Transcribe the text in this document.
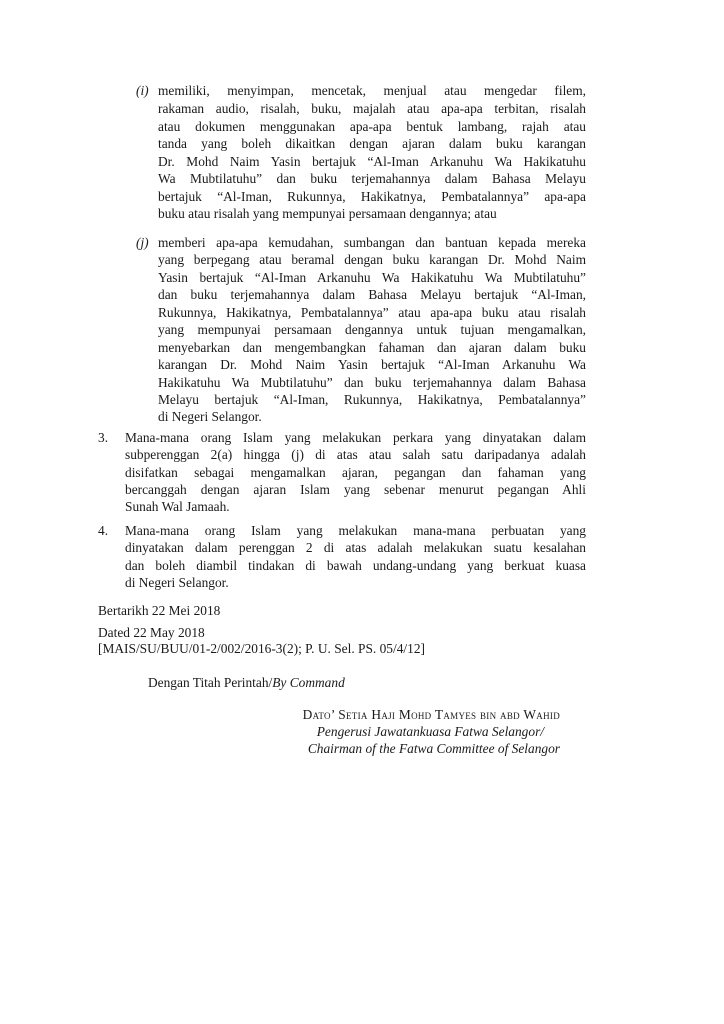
(i) memiliki, menyimpan, mencetak, menjual atau mengedar filem,
rakaman audio, risalah, buku, majalah atau apa-apa terbitan, risalah
atau dokumen menggunakan apa-apa bentuk lambang, rajah atau
tanda yang boleh dikaitkan dengan ajaran dalam buku karangan
Dr. Mohd Naim Yasin bertajuk “Al-Iman Arkanuhu Wa Hakikatuhu
Wa Mubtilatuhu” dan buku terjemahannya dalam Bahasa Melayu
bertajuk “Al-Iman, Rukunnya, Hakikatnya, Pembatalannya” apa-apa
buku atau risalah yang mempunyai persamaan dengannya; atau
(j) memberi apa-apa kemudahan, sumbangan dan bantuan kepada mereka
yang berpegang atau beramal dengan buku karangan Dr. Mohd Naim
Yasin bertajuk “Al-Iman Arkanuhu Wa Hakikatuhu Wa Mubtilatuhu”
dan buku terjemahannya dalam Bahasa Melayu bertajuk “Al-Iman,
Rukunnya, Hakikatnya, Pembatalannya” atau apa-apa buku atau risalah
yang mempunyai persamaan dengannya untuk tujuan mengamalkan,
menyebarkan dan mengembangkan fahaman dan ajaran dalam buku
karangan Dr. Mohd Naim Yasin bertajuk “Al-Iman Arkanuhu Wa
Hakikatuhu Wa Mubtilatuhu” dan buku terjemahannya dalam Bahasa
Melayu bertajuk “Al-Iman, Rukunnya, Hakikatnya, Pembatalannya”
di Negeri Selangor.
3. Mana-mana orang Islam yang melakukan perkara yang dinyatakan dalam
subperenggan 2(a) hingga (j) di atas atau salah satu daripadanya adalah
disifatkan sebagai mengamalkan ajaran, pegangan dan fahaman yang
bercanggah dengan ajaran Islam yang sebenar menurut pegangan Ahli
Sunah Wal Jamaah.
4. Mana-mana orang Islam yang melakukan mana-mana perbuatan yang
dinyatakan dalam perenggan 2 di atas adalah melakukan suatu kesalahan
dan boleh diambil tindakan di bawah undang-undang yang berkuat kuasa
di Negeri Selangor.
Bertarikh 22 Mei 2018
Dated 22 May 2018
[MAIS/SU/BUU/01-2/002/2016-3(2); P. U. Sel. PS. 05/4/12]
Dengan Titah Perintah/By Command
Dato’ Setia Haji Mohd Tamyes bin abd Wahid
Pengerusi Jawatankuasa Fatwa Selangor/
Chairman of the Fatwa Committee of Selangor
